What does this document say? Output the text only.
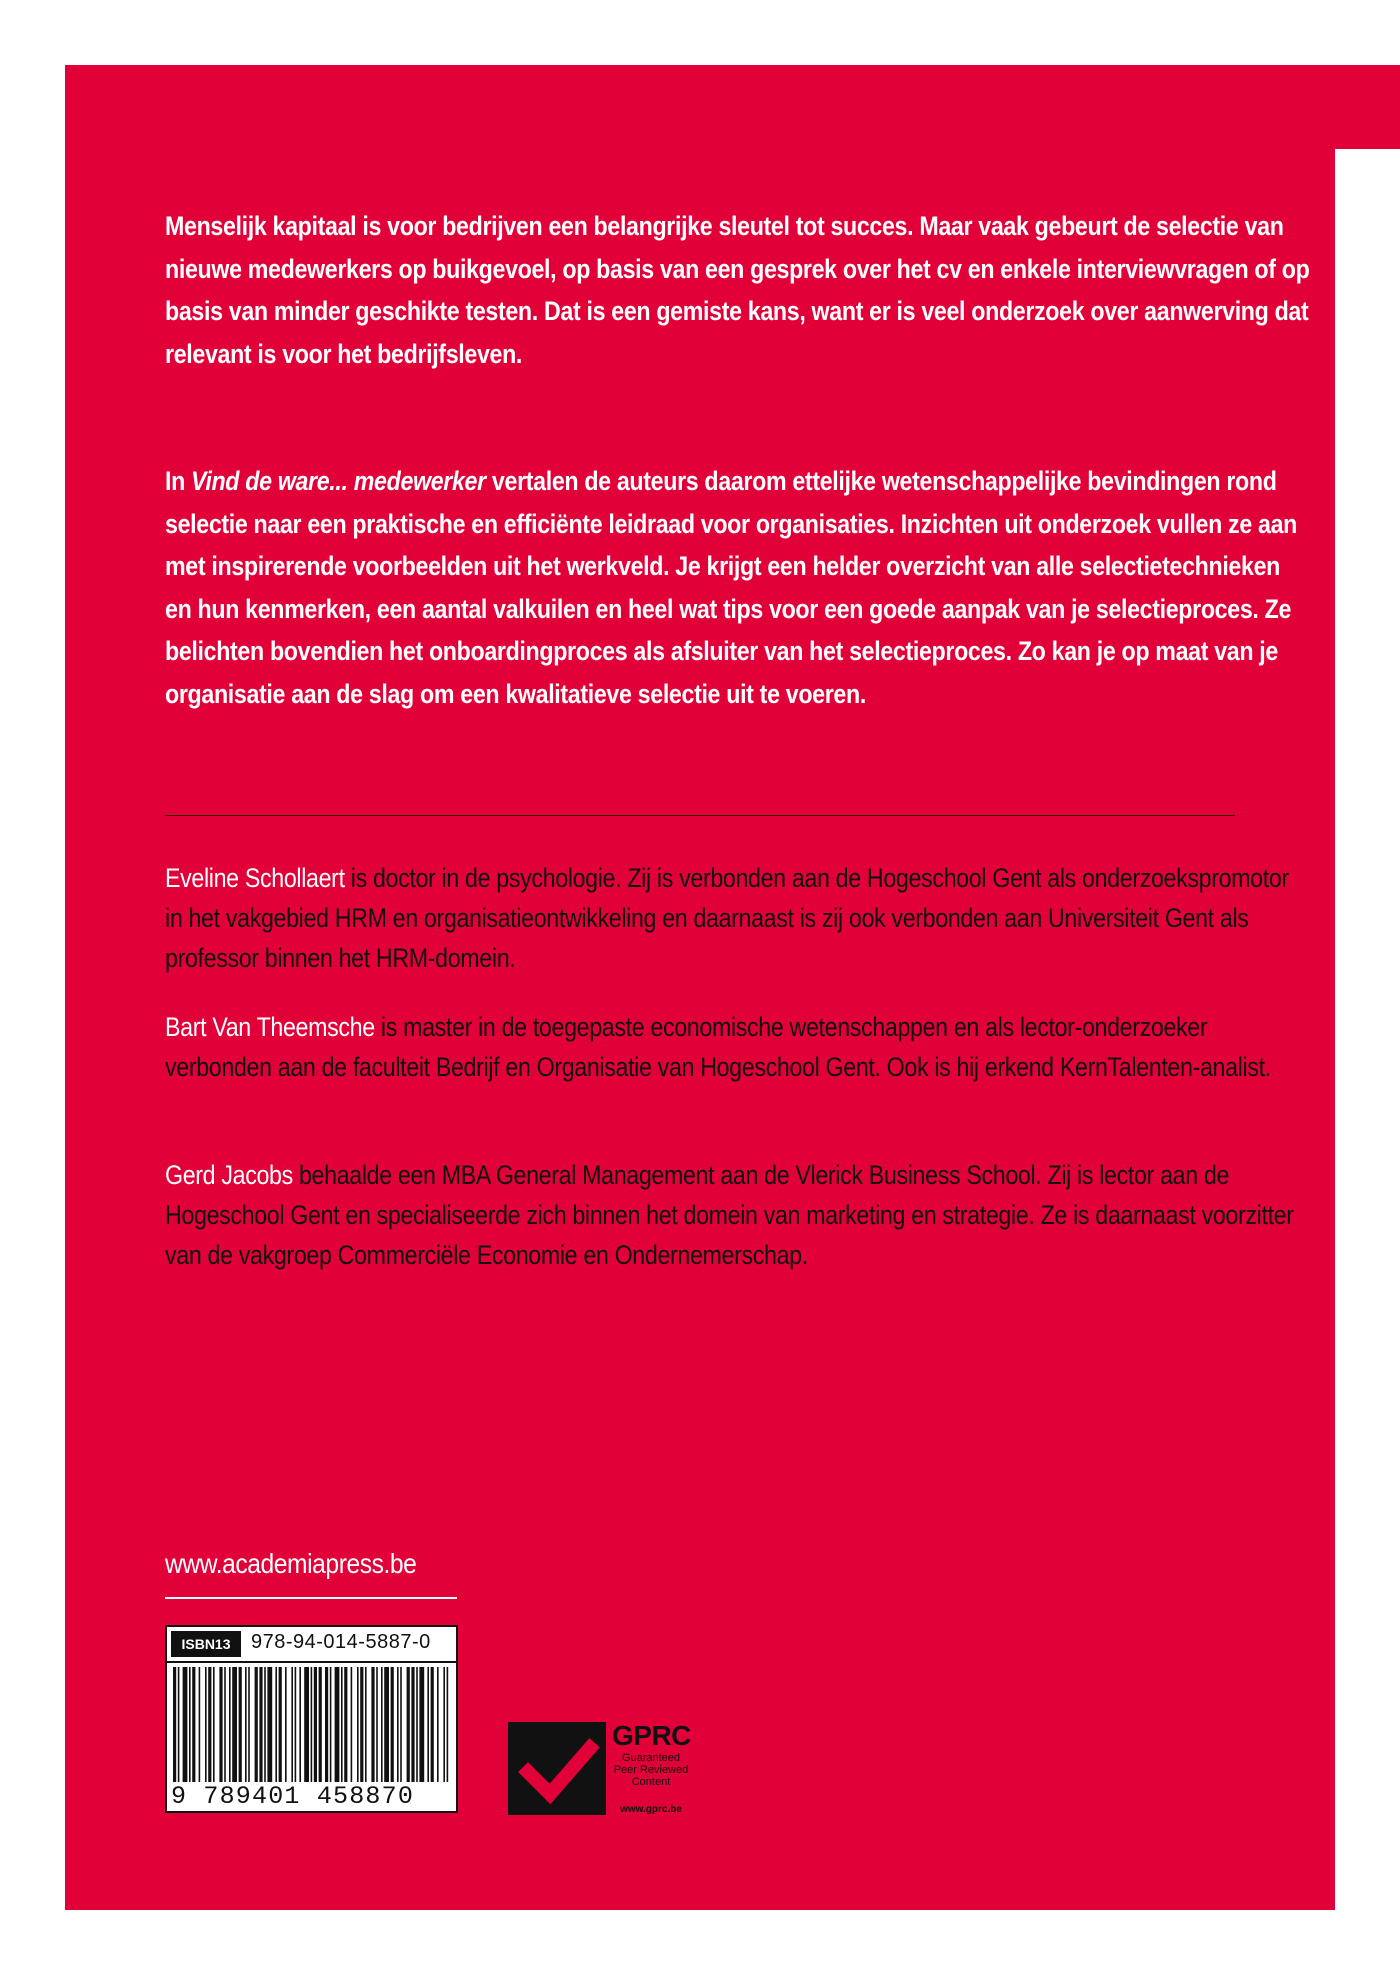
Menselijk kapitaal is voor bedrijven een belangrijke sleutel tot succes. Maar vaak gebeurt de selectie van nieuwe medewerkers op buikgevoel, op basis van een gesprek over het cv en enkele interviewvragen of op basis van minder geschikte testen. Dat is een gemiste kans, want er is veel onderzoek over aanwerving dat relevant is voor het bedrijfsleven.

In Vind de ware... medewerker vertalen de auteurs daarom ettelijke wetenschappelijke bevindingen rond selectie naar een praktische en efficiënte leidraad voor organisaties. Inzichten uit onderzoek vullen ze aan met inspirerende voorbeelden uit het werkveld. Je krijgt een helder overzicht van alle selectietechnieken en hun kenmerken, een aantal valkuilen en heel wat tips voor een goede aanpak van je selectieproces. Ze belichten bovendien het onboardingproces als afsluiter van het selectieproces. Zo kan je op maat van je organisatie aan de slag om een kwalitatieve selectie uit te voeren.

Eveline Schollaert is doctor in de psychologie. Zij is verbonden aan de Hogeschool Gent als onderzoekspromotor in het vakgebied HRM en organisatieontwikkeling en daarnaast is zij ook verbonden aan Universiteit Gent als professor binnen het HRM-domein.

Bart Van Theemsche is master in de toegepaste economische wetenschappen en als lector-onderzoeker verbonden aan de faculteit Bedrijf en Organisatie van Hogeschool Gent. Ook is hij erkend KernTalenten-analist.

Gerd Jacobs behaalde een MBA General Management aan de Vlerick Business School. Zij is lector aan de Hogeschool Gent en specialiseerde zich binnen het domein van marketing en strategie. Ze is daarnaast voorzitter van de vakgroep Commerciële Economie en Ondernemerschap.

www.academiapress.be
ISBN13	978-94-014-5887-0
9 789401 458870
GPRC
Guaranteed Peer Reviewed Content
www.gprc.be
